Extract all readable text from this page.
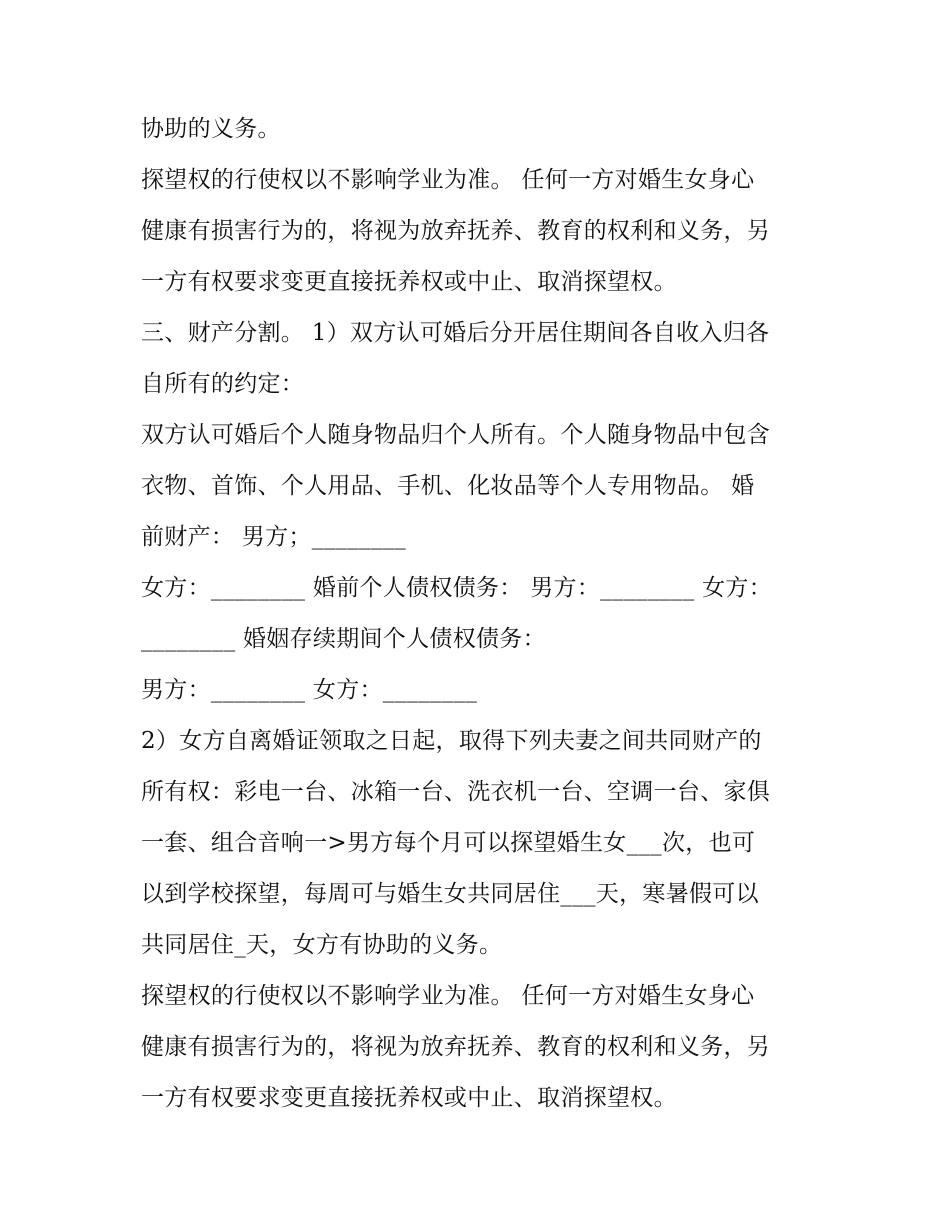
协助的义务。
探望权的行使权以不影响学业为准。 任何一方对婚生女身心
健康有损害行为的，将视为放弃抚养、教育的权利和义务，另
一方有权要求变更直接抚养权或中止、取消探望权。
三、财产分割。 1）双方认可婚后分开居住期间各自收入归各
自所有的约定：
双方认可婚后个人随身物品归个人所有。个人随身物品中包含
衣物、首饰、个人用品、手机、化妆品等个人专用物品。 婚
前财产： 男方；________
女方：________ 婚前个人债权债务： 男方：________ 女方：
________ 婚姻存续期间个人债权债务：
男方：________ 女方：________
2）女方自离婚证领取之日起，取得下列夫妻之间共同财产的
所有权：彩电一台、冰箱一台、洗衣机一台、空调一台、家俱
一套、组合音响一>男方每个月可以探望婚生女___次，也可
以到学校探望，每周可与婚生女共同居住___天，寒暑假可以
共同居住_天，女方有协助的义务。
探望权的行使权以不影响学业为准。 任何一方对婚生女身心
健康有损害行为的，将视为放弃抚养、教育的权利和义务，另
一方有权要求变更直接抚养权或中止、取消探望权。
